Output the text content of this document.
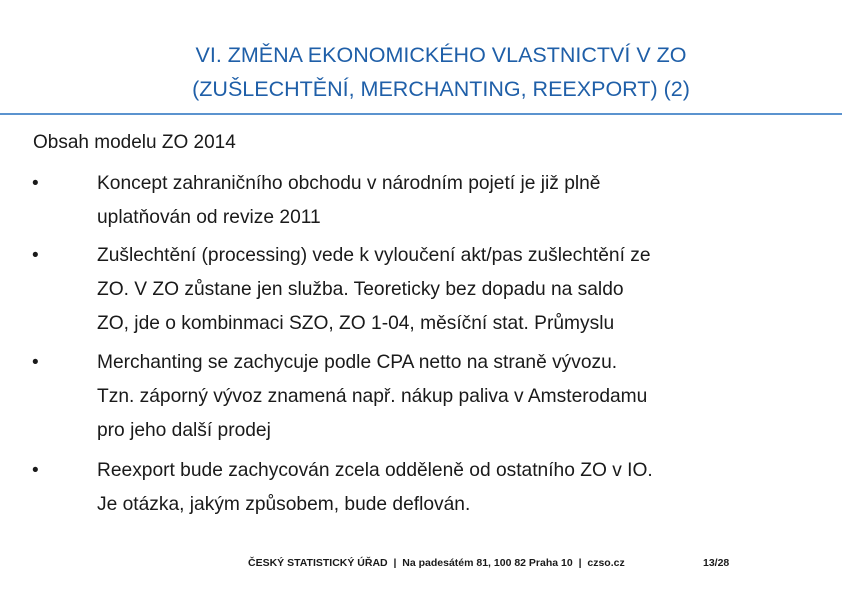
VI. ZMĚNA EKONOMICKÉHO VLASTNICTVÍ V ZO
(ZUŠLECHTĚNÍ, MERCHANTING, REEXPORT) (2)

Obsah modelu ZO 2014

•	Koncept zahraničního obchodu v národním pojetí je již plně
uplatňován od revize 2011
•	Zušlechtění (processing) vede k vyloučení akt/pas zušlechtění ze
ZO. V ZO zůstane jen služba. Teoreticky bez dopadu na saldo
ZO, jde o kombinmaci SZO, ZO 1-04, měsíční stat. Průmyslu
•	Merchanting se zachycuje podle CPA netto na straně vývozu.
Tzn. záporný vývoz znamená např. nákup paliva v Amsterodamu
pro jeho další prodej
•	Reexport bude zachycován zcela odděleně od ostatního ZO v IO.
Je otázka, jakým způsobem, bude deflován.
ČESKÝ STATISTICKÝ ÚŘAD | Na padesátém 81, 100 82 Praha 10 | czso.cz	13/28
